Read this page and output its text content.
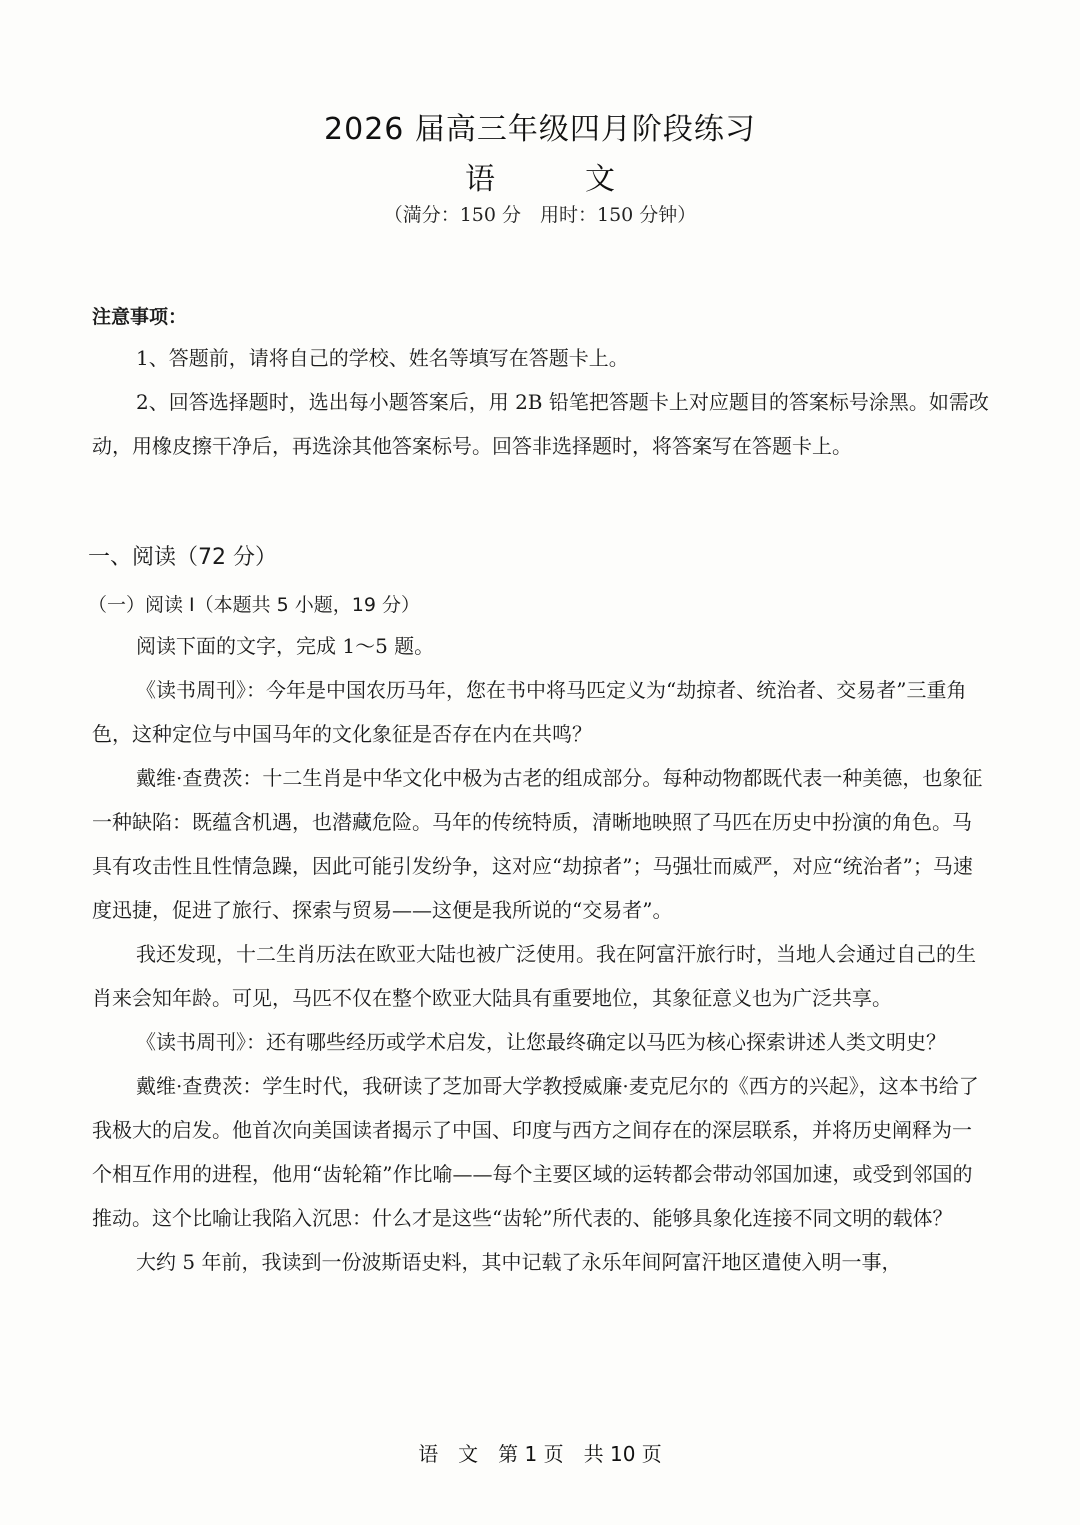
2026 届高三年级四月阶段练习
语　文
（満分：150 分　用时：150 分钟）
注意事项：

1、答题前，请将自己的学校、姓名等填写在答题卡上。

2、回答选择题时，选出每小题答案后，用 2B 铅笔把答题卡上对应题目的答案标号涂黑。如需改动，用橡皮擦干净后，再选涂其他答案标号。回答非选择题时，将答案写在答题卡上。

一、阅读（72 分）
（一）阅读 Ⅰ（本题共 5 小题，19 分）

阅读下面的文字，完成 1～5 题。

《读书周刊》：今年是中国农历马年，您在书中将马匹定义为“劫掠者、统治者、交易者”三重角色，这种定位与中国马年的文化象征是否存在内在共鸣？

戴维·查费茨：十二生肖是中华文化中极为古老的组成部分。每种动物都既代表一种美德，也象征一种缺陷：既蕴含机遇，也潜藏危险。马年的传统特质，清晰地映照了马匹在历史中扮演的角色。马具有攻击性且性情急躁，因此可能引发纷争，这对应“劫掠者”；马强壮而威严，对应“统治者”；马速度迅捷，促进了旅行、探索与贸易——这便是我所说的“交易者”。

我还发现，十二生肖历法在欧亚大陆也被广泛使用。我在阿富汗旅行时，当地人会通过自己的生肖来会知年龄。可见，马匹不仅在整个欧亚大陆具有重要地位，其象征意义也为广泛共享。

《读书周刊》：还有哪些经历或学术启发，让您最终确定以马匹为核心探索讲述人类文明史？

戴维·查费茨：学生时代，我研读了芝加哥大学教授威廉·麦克尼尔的《西方的兴起》，这本书给了我极大的启发。他首次向美国读者揭示了中国、印度与西方之间存在的深层联系，并将历史阐释为一个相互作用的进程，他用“齿轮箱”作比喻——每个主要区域的运转都会带动邻国加速，或受到邻国的推动。这个比喻让我陷入沉思：什么才是这些“齿轮”所代表的、能够具象化连接不同文明的载体？

大约 5 年前，我读到一份波斯语史料，其中记载了永乐年间阿富汗地区遣使入明一事，

语　文　第 1 页　共 10 页
